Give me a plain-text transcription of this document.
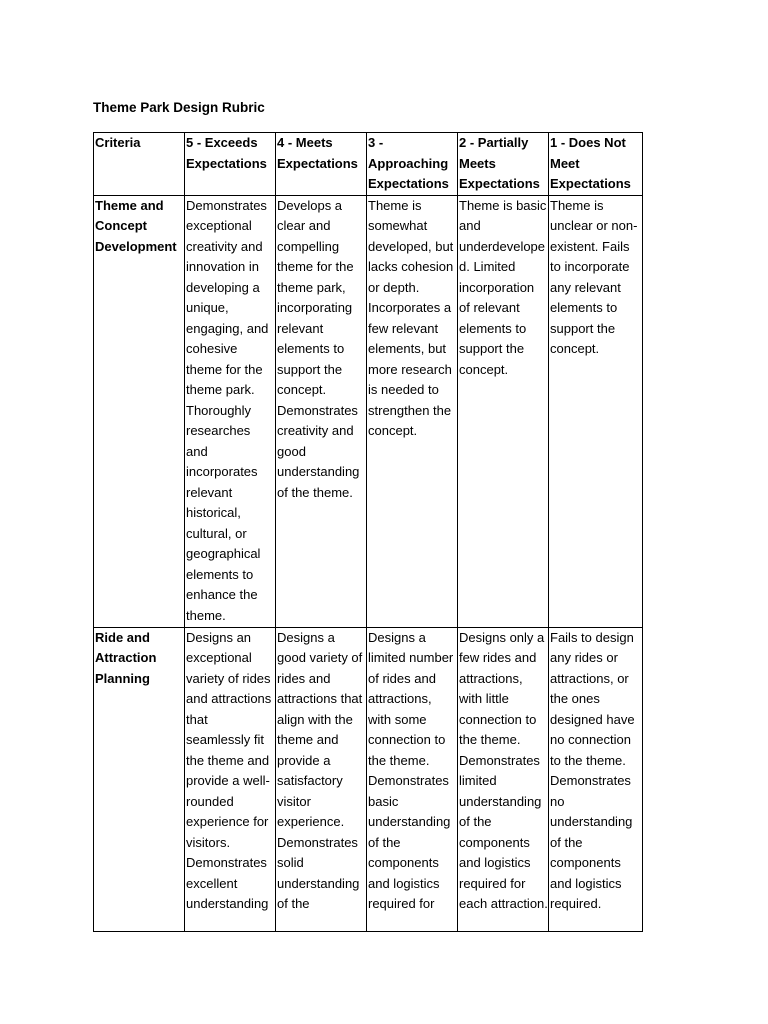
Theme Park Design Rubric
Criteria	5 - Exceeds Expectations	4 - Meets Expectations	3 - Approaching Expectations	2 - Partially Meets Expectations	1 - Does Not Meet Expectations
Theme and Concept Development	Demonstrates exceptional creativity and innovation in developing a unique, engaging, and cohesive theme for the theme park. Thoroughly researches and incorporates relevant historical, cultural, or geographical elements to enhance the theme.	Develops a clear and compelling theme for the theme park, incorporating relevant elements to support the concept. Demonstrates creativity and good understanding of the theme.	Theme is somewhat developed, but lacks cohesion or depth. Incorporates a few relevant elements, but more research is needed to strengthen the concept.	Theme is basic and underdeveloped. Limited incorporation of relevant elements to support the concept.	Theme is unclear or non-existent. Fails to incorporate any relevant elements to support the concept.
Ride and Attraction Planning	Designs an exceptional variety of rides and attractions that seamlessly fit the theme and provide a well-rounded experience for visitors. Demonstrates excellent understanding	Designs a good variety of rides and attractions that align with the theme and provide a satisfactory visitor experience. Demonstrates solid understanding of the	Designs a limited number of rides and attractions, with some connection to the theme. Demonstrates basic understanding of the components and logistics required for	Designs only a few rides and attractions, with little connection to the theme. Demonstrates limited understanding of the components and logistics required for each attraction.	Fails to design any rides or attractions, or the ones designed have no connection to the theme. Demonstrates no understanding of the components and logistics required.
